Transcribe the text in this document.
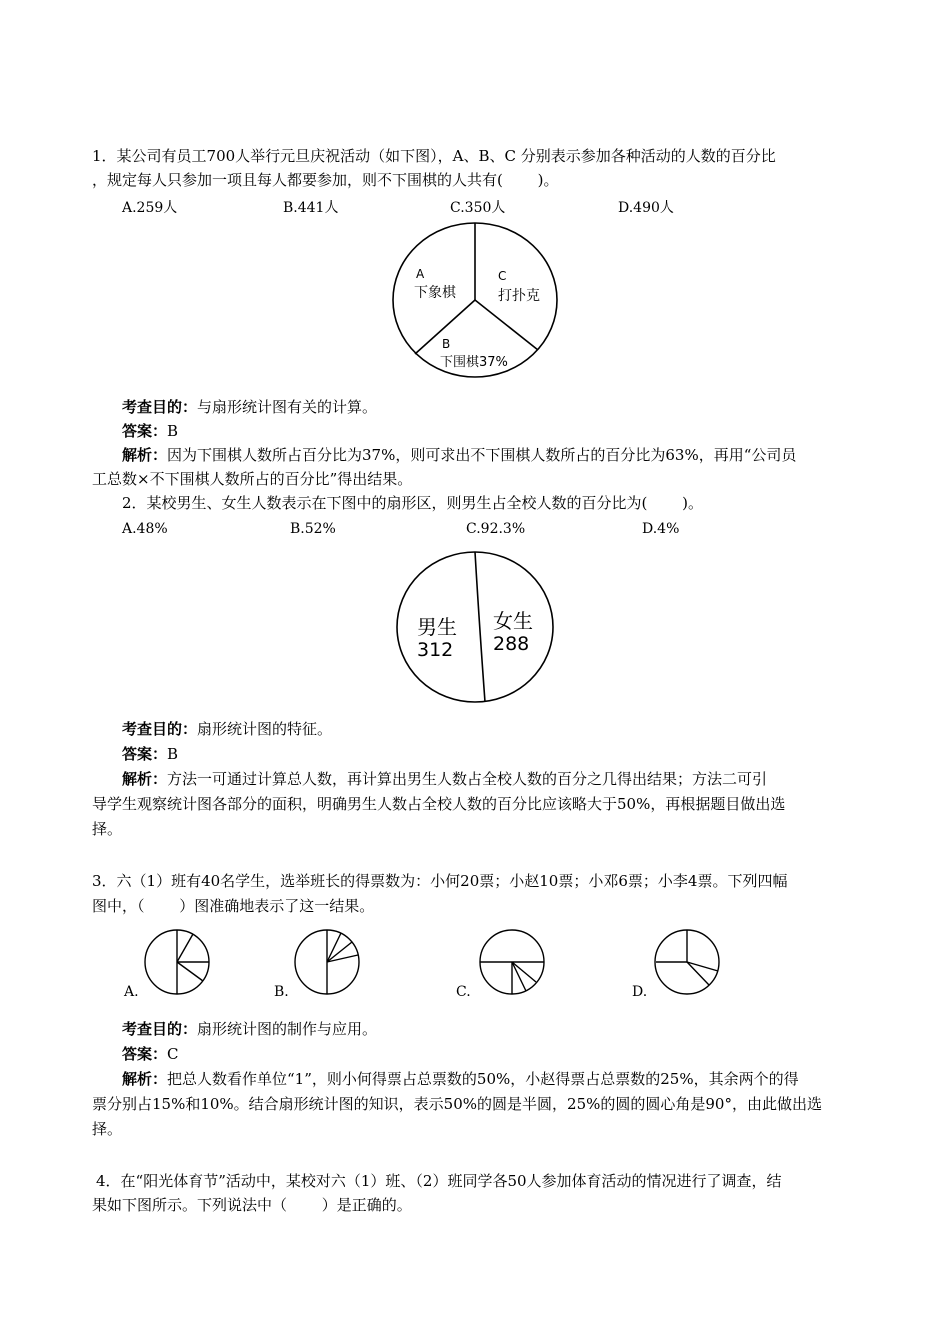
1．某公司有员工700人举行元旦庆祝活动（如下图），A、B、C 分别表示参加各种活动的人数的百分比
，规定每人只参加一项且每人都要参加，则不下围棋的人共有(　　 )。
A.259人	B.441人	C.350人	D.490人
A
下象棋
C
打扑克
B
下围棋37%
考查目的：与扇形统计图有关的计算。
答案：B
解析：因为下围棋人数所占百分比为37%，则可求出不下围棋人数所占的百分比为63%，再用“公司员
工总数×不下围棋人数所占的百分比”得出结果。
2．某校男生、女生人数表示在下图中的扇形区，则男生占全校人数的百分比为(　　 )。
A.48%	B.52%	C.92.3%	D.4%
男生
312
女生
288
考查目的：扇形统计图的特征。
答案：B
解析：方法一可通过计算总人数，再计算出男生人数占全校人数的百分之几得出结果；方法二可引
导学生观察统计图各部分的面积，明确男生人数占全校人数的百分比应该略大于50%，再根据题目做出选
择。
3．六（1）班有40名学生，选举班长的得票数为：小何20票；小赵10票；小邓6票；小李4票。下列四幅
图中，（　　 ）图准确地表示了这一结果。
A.	B.	C.	D.
考查目的：扇形统计图的制作与应用。
答案：C
解析：把总人数看作单位“1”，则小何得票占总票数的50%，小赵得票占总票数的25%，其余两个的得
票分别占15%和10%。结合扇形统计图的知识，表示50%的圆是半圆，25%的圆的圆心角是90°，由此做出选
择。
4．在“阳光体育节”活动中，某校对六（1）班、（2）班同学各50人参加体育活动的情况进行了调查，结
果如下图所示。下列说法中（　　 ）是正确的。
